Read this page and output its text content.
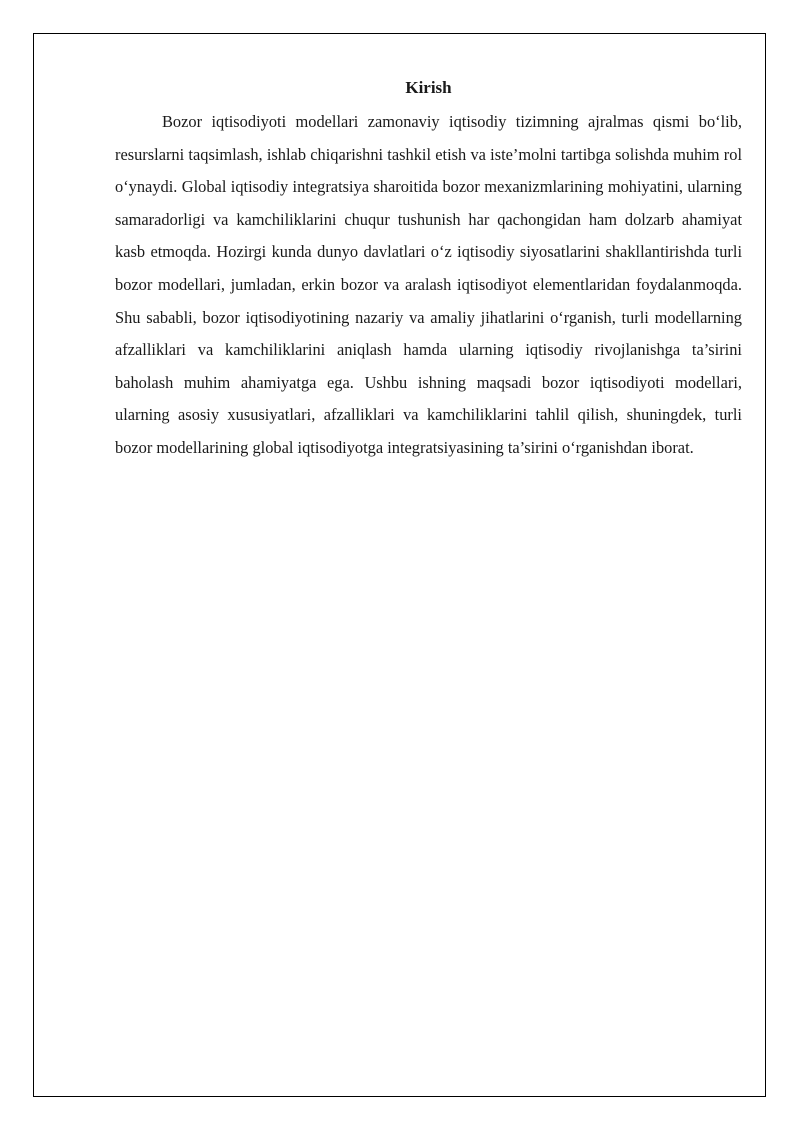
Kirish

Bozor iqtisodiyoti modellari zamonaviy iqtisodiy tizimning ajralmas qismi bo‘lib, resurslarni taqsimlash, ishlab chiqarishni tashkil etish va iste’molni tartibga solishda muhim rol o‘ynaydi. Global iqtisodiy integratsiya sharoitida bozor mexanizmlarining mohiyatini, ularning samaradorligi va kamchiliklarini chuqur tushunish har qachongidan ham dolzarb ahamiyat kasb etmoqda. Hozirgi kunda dunyo davlatlari o‘z iqtisodiy siyosatlarini shakllantirishda turli bozor modellari, jumladan, erkin bozor va aralash iqtisodiyot elementlaridan foydalanmoqda. Shu sababli, bozor iqtisodiyotining nazariy va amaliy jihatlarini o‘rganish, turli modellarning afzalliklari va kamchiliklarini aniqlash hamda ularning iqtisodiy rivojlanishga ta’sirini baholash muhim ahamiyatga ega. Ushbu ishning maqsadi bozor iqtisodiyoti modellari, ularning asosiy xususiyatlari, afzalliklari va kamchiliklarini tahlil qilish, shuningdek, turli bozor modellarining global iqtisodiyotga integratsiyasining ta’sirini o‘rganishdan iborat.
